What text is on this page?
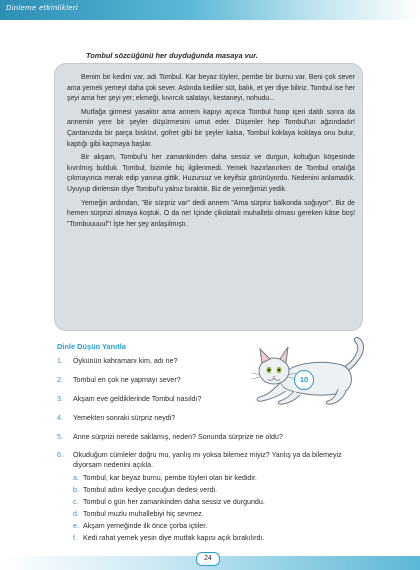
Dinleme etkinlikleri
Tombul sözcüğünü her duyduğunda masaya vur.

Benim bir kedim var, adı Tombul. Kar beyaz tüyleri, pembe bir burnu var. Beni çok sever ama yemek yemeyi daha çok sever. Aslında kediler süt, balık, et yer diye biliriz. Tombul ise her şeyi ama her şeyi yer; ekmeği, kıvırcık salatayı, kestaneyi, nohudu...

Mutfağa girmesi yasaktır ama annem kapıyı açınca Tombul hoop içeri daldı sonra da annemin yere bir şeyler düşürmesini umut eder. Düşenler hep Tombul'un ağzındadır! Çantanızda bir parça bisküvi, gofret gibi bir şeyler kalsa, Tombul koklaya koklaya onu bulur, kaptığı gibi kaçmaya başlar.

Bir akşam, Tombul'u her zamankinden daha sessiz ve durgun, koltuğun köşesinde kıvrılmış bulduk. Tombul, bizimle hiç ilgilenmedi. Yemek hazırlanırken de Tombul ortalığa çıkmayınca merak edip yanına gittik. Huzursuz ve keyifsiz görünüyordu. Nedenini anlamadık. Uyuyup dinlensin diye Tombul'u yalnız bıraktık. Biz de yemeğimizi yedik.

Yemeğin ardından, "Bir sürpriz var" dedi annem "Ama sürpriz balkonda soğuyor". Biz de hemen sürprizi almaya koştuk. O da ne! İçinde çikolatalı muhallebi olması gereken kâse boş! "Tombuuuuul"! İşte her şey anlaşılmıştı.

Dinle Düşün Yanıtla
10
1. Öykünün kahramanı kim, adı ne?
2. Tombul en çok ne yapmayı sever?
3. Akşam eve geldiklerinde Tombul nasıldı?
4. Yemekten sonraki sürpriz neydi?
5. Anne sürprizi nerede saklamış, neden? Sonunda sürprize ne oldu?
6. Okuduğum cümleler doğru mu, yanlış mı yoksa bilemez miyiz? Yanlış ya da bilemeyiz diyorsam nedenini açıkla.
a. Tombul, kar beyaz burnu, pembe tüyleri olan bir kedidir.
b. Tombul adını kediye çocuğun dedesi verdi.
c. Tombul o gün her zamankinden daha sessiz ve durgundu.
d. Tombul muzlu muhallebiyi hiç sevmez.
e. Akşam yemeğinde ilk önce çorba içtiler.
f. Kedi rahat yemek yesin diye mutfak kapısı açık bırakılırdı.
24
